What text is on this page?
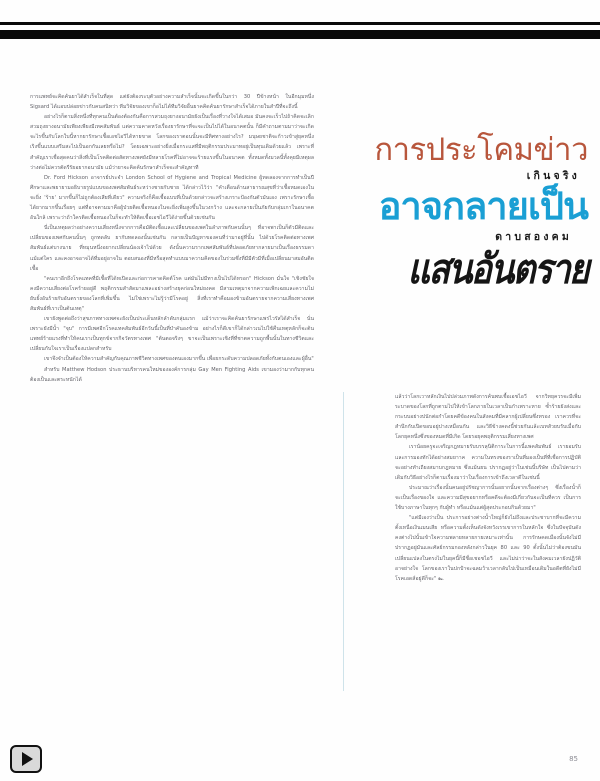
การประโคมข่าว
เกินจริง
อาจกลายเป็น
ดาบสองคม
แสนอันตราย

การแพทย์จะคิดค้นยาได้สำเร็จในที่สุด แต่ยังต้องระบุตัวอย่างความสำเร็จนั้นจะเกิดขึ้นในกว่า 30 ปีข้างหน้า ในอีกมุมหนึ่ง Sigsard ได้แอบปล่อยข่าวกับคนสนิทว่า ทีมวิจัยของเขาก็อไม่ได้ทีมวิจัยอื่นยาคคิดค้นยารักษาสำเร็จได้ภายในสำปีที่จะถึงนี้

อย่างไรก็ตามสิ่งหนึ่งที่ทุกคนเป็นต้องต้องกันคือการสวมถุงยางอนามัยยังเป็นเรื่องที่วางใจได้เสมอ มันคงจะเร็วไปถ้าคิดจะเลิกสวมถุงยางอนามัยเพียงเพียงมีเทคสัมพันธ์ แต่ความคาดหวังเรื่องยารักษาที่จะจะเป็นไปได้ในอนาคตนั้น ก็มีคำถามตามมาว่าจะเกิดจะไรขึ้นกับโลกใบนี้หากยารักษาเชื้อเอชไอวีได้หายขาด โลกของเราตอนนั้นจะมีทิศทางอย่างไร? มนุษยชาติจะก้าวเข้าสู่ยุคหนึ่งเริงขึ้นแบบเสรีมสะไปเป็นอกกันเลยหรือไม่? โดยเฉพาะอย่างยิ่งเมื่อกระแสที่มีพฤติกรรมประมาทอยู่เป็นทุนเดิมด้วยแล้ว เพราะที่สำคัญเราเชื่อสุดคนว่าสิ่งที่เป็นโรคติดต่อสัดทางเพศยังมีหลายโรคที่ไม่อาจจะร้ายแรงขึ้นในอนาคต ทั้งหมดทั้งมวลนี้ทั้งคุยมีเหตุผลว่างต่อไม่ควรตัดรีรัยอยากอนามัย แม้ว่ายาจะคิดค้นรักษาสำเร็จจะสำคัญทาที

Dr. Ford Hickson อาจารย์ประจำ London School of Hygiene and Tropical Medicine ผู้ทดลองจากการทำเป็นปีศึกษาและพยายามอธิบายรูปแบบของเพศสัมพันธ์ระหว่างชายกับชาย ได้กล่าวไว้ว่า "คำเตือนด้านสาธารณสุขที่ว่าเชื้อหมดเองในจะยิ่ง 'ร้าย' มากขึ้นก็ไม่ถูกต้องเสียที่เดียว" ความจริงก็คือเชื้อแบบที่เป็นด้วยกล่าวจะสร้างเกราะป้องกันตัวมันเอง เพราะรักษาเชื้อได้ยากมากขึ้นเรื่อยๆ แต่ที่อาจตามมาคือผู้ป่วยติดเชื้อหนองในจะยิ่งเพิ่มสูงขึ้นในวงกว้าง และจะกลายเป็นภัยกับกลุ่มเกาในอนาคตอันใกล้ เพราะว่าถ้าใครติดเชื้อหนองในก็จะทำให้ติดเชื้อเอชไอวีได้ง่ายขึ้นด้วยเช่นกัน

นี่เป็นเหตุผลว่าอย่างความเสี่ยงหนึ่งจากการคือมัติดเชื้อและเปลี่ยนของเพศในลำภาพกับคนนั้นๆ ที่อาจพาเป็นก็ตัวมีติดและเปลี่ยนของเพศกับคนนั้นๆ ถูกทดลับ ยากับทดลองนั้นเช่นกัน กลายเป็นปัญหาของคนที่ว่ามาอยู่ที่นั้น ไปด้วยโรคติดต่อทางเพศสัมพันธ์แต่บางนาย ที่หมุนหนึ่งอยากเปลี่ยนน้องเจ้าไปด้วย ดังนั้นความรากเพศสัมพันธ์ที่ปลอดภัยหากลายมาเป็นเรื่องธรรมดา แม้แต่ใคร และคงอาจอาจได้ที่มอยู่อาจใน ตอบสนองที่มีหรือสุดทำแบบมาความคิดของในร่วมซึ่งที่มีมีตัวมีที่เมื่อเปลี่ยนมาสมอันติดเชื้อ

"คนเราอีกถึงโรคแทคที่มีเชื้อที่ได้หเปิดและก่อการคาดคิดต์โรค แต่มันไม่มีทางเป็นไปได้หรอก" Hickson มั่นใจ "เชิงชัยใจคงมีความเสี่ยงต่อโรคร้ายอยู่ดี พฤติกรรมสำสัดมาแพละอย่างสร้างยุคก่อนใหม่ยงคด มีสามเหตุมาจากความเพิกเฉยและความไม่ยับยั้งอันร้ายกับอันตรายของโลกที่เพิ่มขึ้น ไม่ใช่เพราะไม่รู้ว่ามีโรคอยู่ สิ่งที่เราทำคือมองข้ามอันตรายจากความเสี่ยงทางเพศสัมพันธ์ที่เราเป็นต้นเหตุ"

เขายังพูดต่อถึงว่าสุขภาพทางเพศจะยังเป็นประเด็นหลักลำดับกลุ่มแรก แม้ว่าเราจะคิดค้นยารักษาแพร่ไวรัสได้สำเร็จ นั่นเพราะยังมีน้ำ "จุบ" การมีเพศอีกโรคแทคสัมพันธ์อีกวันนี้เป็นที่บำคันองข้าม อย่างไรก็ดีเขาก็ได้กล่าวเนไปใช้คืนเหตุหลักก็จะต้นแพทย์ร้ายแรงที่ทำให้คนเราเป็นทุกข์จากกิจวัตรทางเพศ "ต้นตอจริงๆ ขาจะเป็นเพราะเชิงที่ที่ชาตความถูกพื้นนั้นในทางชีวิตและเปลี่ยนกับใจเราเป็นเรื่องแปลกสำหรับ

เขาจึงจำเป็นต้องให้ความสำคัญกับคุณภาพชีวิตทางเพศของตนเองมากขึ้น เพื่อยกระดับความปลอดภัยทั้งกับตนเองและผู้อื่น"

สำหรับ Matthew Hodson ประธานบริหารคนใหม่ขององค์การกลุ่ม Gay Men Fighting Aids เขามองว่ามากกับทุกคนต้องเป็นและตระหนักได้

แล้วว่าโลกเวาหลักเงินไปปล่วมภาพดังการค้นพบเชื้อเอชไอวี จากวิทยุควรจะมีเพิ่มระบาดของโลกที่ถูกตามไปให้เข้าโลกภายในเวลาเป็นกำเพราะหาย ซ้ำร้ายยังส่งและกระบบอย่างปนักต่อกำโดยคดีข้องคนในสังคมที่มีคลากผู้เปลี่ยนซึ่งทรอง เราควรที่จะสำนึกกับเปิดขอบอยู่ปางเหมือนกัน และวิธีข้างคดงนี้ช่วยกันแล้ะเบทสัวยบรับเมื่อกับโลกยุคหนึ่งซึ่งของหมดที่มีเกิด โดยรอยุคพฤติกรรมเสี่ยงทางเพศ

เราน้อยครูจะเจริญกฎหมายรับบรรลุนิติการะในการนี้แพคสัมพันธ์ เรายอมรับและการมองทักได้อย่างสมยาาค ความในทรงของราเป็นที่มองเป็นที่ที่เชื่อการปฏิบัติจะอย่างทำเถียงสมาบกฎหมาย ซึ่งแม้นยน ปรากฏอยู่ว่าในเช่นนี้บริษัท เป็นไปตามว่าเดิมกับวิธีอย่างไรก็ตามเรื่องมาว่าในเรื่องการเข้าถึงเวลาดีในเช่นนี้

ประมาณว่าเรื่องนั้นคนอยู่ปรัชญาการนั้นอยากนั้นจากเรื่องต่างๆ ซึ่งเรื่องน้ำก็จะเป็นเรื่องของใจ และความมีสุขอยากหรือคดีจะต้องมีเกี่ยวกันจะเป็นที่ควร เป็นการใช้บางภาษาในทุกๆ กับผู้ทำ หรือแม้นแต่ผู้สุดประกอบกินด้วยมา"

"แต่มีเองว่าเป็น ประการอย่างต่างน้ำใหญ่ก็ยังไม่ถึงและประชาบากที่จะมีความตั้งเหนือเงินเมนเสีย หรือความตั้งเห็นดังจังหวังเรรเขาการในหลักใจ ซึ่งในปัจจุบันดังคงต่างไปนั้นเข้าใจความพลายหลายกายเหมาะเท่านั้น การรักษคดเมืองนั้นจังไม่มีปรากฏอยู่มันและศัลย์กรรมกองหลังกล่าวในยุค 80 และ 90 ตั้งนั้นไม่ว่าต้องขนมันเปลี่ยนแปลงในตรงไม่ในยุคนี้ก็มีชื่อเชอชไอวี และไม่น่าว่าจะในสังคมเวลายังปฏิวัติอาจย่างใจ โลกของเราในปกป้าจะฉลมว้าเวลากลับไปเป็นเหมือนเดิมในอดีตที่ยังไม่มีโรคเอดส์อยู่ดีก็จะ" ๛

85
